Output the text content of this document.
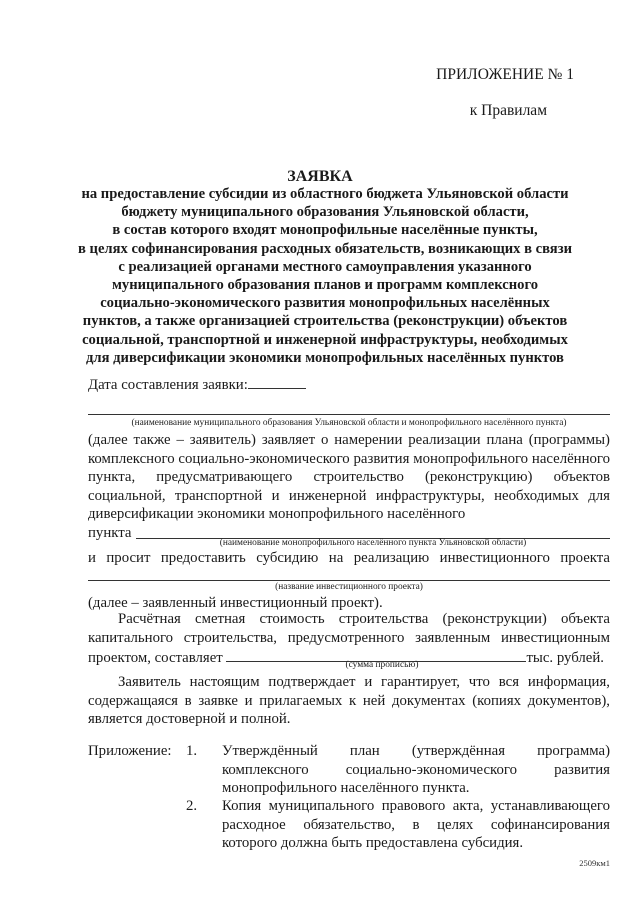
ПРИЛОЖЕНИЕ № 1
к Правилам
ЗАЯВКА
на предоставление субсидии из областного бюджета Ульяновской области
бюджету муниципального образования Ульяновской области,
в состав которого входят монопрофильные населённые пункты,
в целях софинансирования расходных обязательств, возникающих в связи
с реализацией органами местного самоуправления указанного
муниципального образования планов и программ комплексного
социально-экономического развития монопрофильных населённых
пунктов, а также организацией строительства (реконструкции) объектов
социальной, транспортной и инженерной инфраструктуры, необходимых
для диверсификации экономики монопрофильных населённых пунктов
Дата составления заявки:
(наименование муниципального образования Ульяновской области и монопрофильного населённого пункта)
(далее также – заявитель) заявляет о намерении реализации плана (программы) комплексного социально-экономического развития монопрофильного населённого пункта, предусматривающего строительство (реконструкцию) объектов социальной, транспортной и инженерной инфраструктуры, необходимых для диверсификации экономики монопрофильного населённого
пункта
(наименование монопрофильного населённого пункта Ульяновской области)
и просит предоставить субсидию на реализацию инвестиционного проекта
(название инвестиционного проекта)
(далее – заявленный инвестиционный проект).
Расчётная сметная стоимость строительства (реконструкции) объекта капитального строительства, предусмотренного заявленным инвестиционным проектом, составляет	тыс. рублей.
(сумма прописью)
Заявитель настоящим подтверждает и гарантирует, что вся информация, содержащаяся в заявке и прилагаемых к ней документах (копиях документов), является достоверной и полной.
Приложение: 1. Утверждённый план (утверждённая программа) комплексного социально-экономического развития монопрофильного населённого пункта.
2. Копия муниципального правового акта, устанавливающего расходное обязательство, в целях софинансирования которого должна быть предоставлена субсидия.
2509км1
